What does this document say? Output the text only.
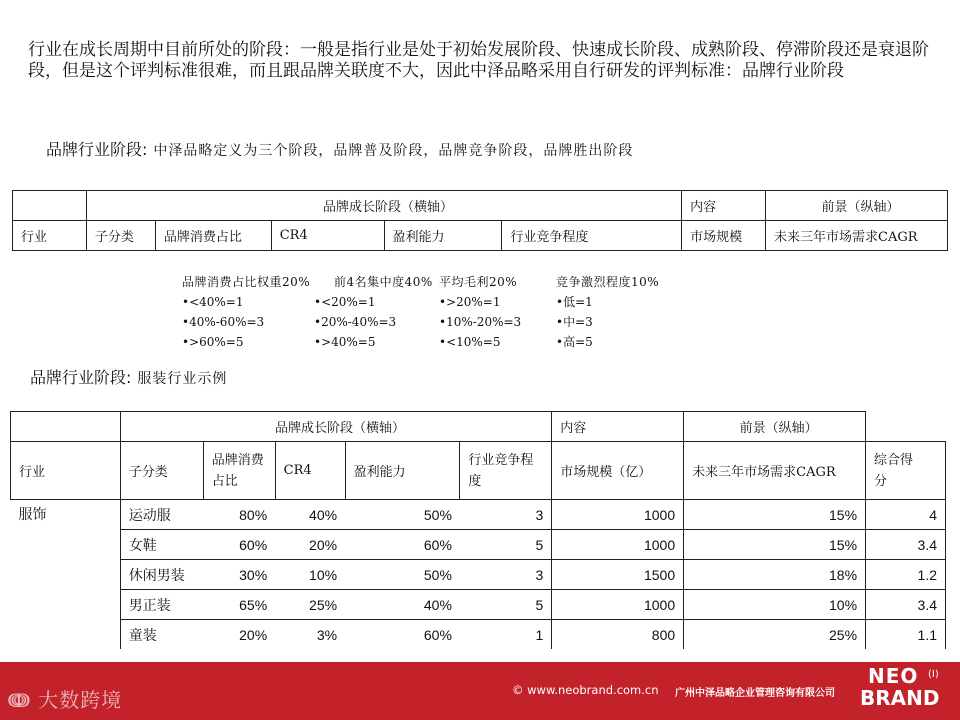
行业在成长周期中目前所处的阶段：一般是指行业是处于初始发展阶段、快速成长阶段、成熟阶段、停滞阶段还是衰退阶段，但是这个评判标准很难，而且跟品牌关联度不大，因此中泽品略采用自行研发的评判标准：品牌行业阶段
品牌行业阶段: 中泽品略定义为三个阶段，品牌普及阶段，品牌竞争阶段，品牌胜出阶段
	品牌成长阶段（横轴）					内容	前景（纵轴）
行业	子分类	品牌消费占比	CR4	盈利能力	行业竞争程度	市场规模	未来三年市场需求CAGR
品牌消费占比权重20%
•<40%=1
•40%-60%=3
•>60%=5
前4名集中度40%
•<20%=1
•20%-40%=3
•>40%=5
平均毛利20%
•>20%=1
•10%-20%=3
•<10%=5
竞争激烈程度10%
•低=1
•中=3
•高=5
品牌行业阶段: 服装行业示例
	品牌成长阶段（横轴）					内容	前景（纵轴）	
行业	子分类	品牌消费占比	CR4	盈利能力	行业竞争程度	市场规模（亿）	未来三年市场需求CAGR	综合得分
服饰	运动服	80%	40%	50%	3	1000	15%	4
	女鞋	60%	20%	60%	5	1000	15%	3.4
	休闲男装	30%	10%	50%	3	1500	18%	1.2
	男正装	65%	25%	40%	5	1000	10%	3.4
	童装	20%	3%	60%	1	800	25%	1.1
ↈ 大数跨境	© www.neobrand.com.cn 广州中泽品略企业管理咨询有限公司
NEO
BRAND
(I)
